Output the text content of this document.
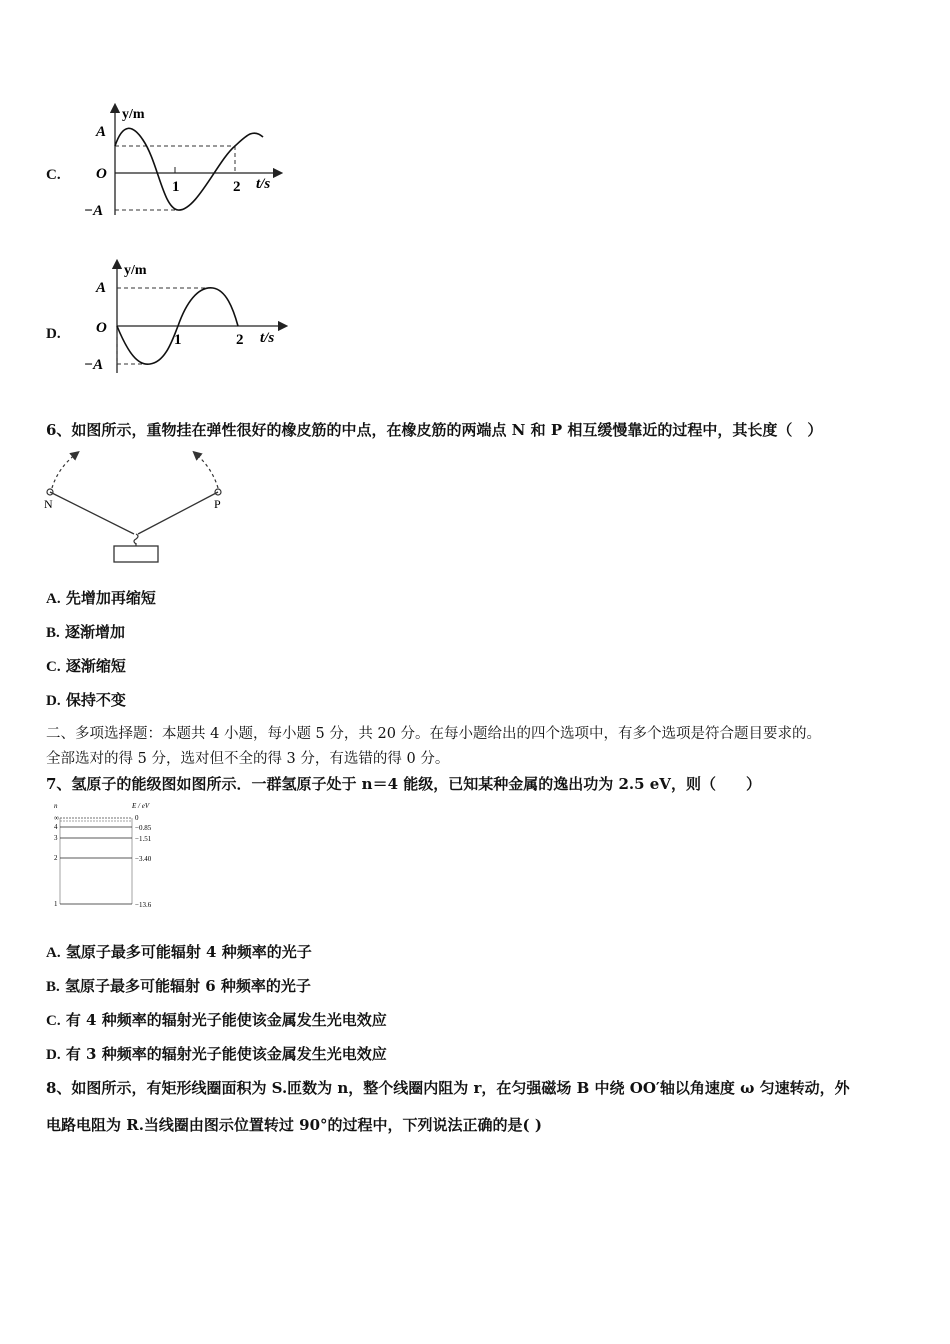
C.
y/m
A
O
−A
1	2 t/s
D.
y/m
A
O
−A
1	2 t/s
6、如图所示，重物挂在弹性很好的橡皮筋的中点，在橡皮筋的两端点 N 和 P 相互缓慢靠近的过程中，其长度（　）
N	P
A. 先增加再缩短
B. 逐渐增加
C. 逐渐缩短
D. 保持不变
二、多项选择题：本题共 4 小题，每小题 5 分，共 20 分。在每小题给出的四个选项中，有多个选项是符合题目要求的。
全部选对的得 5 分，选对但不全的得 3 分，有选错的得 0 分。
7、氢原子的能级图如图所示．一群氢原子处于 n＝4 能级，已知某种金属的逸出功为 2.5 eV，则（　　）
n	E / eV
∞
4
3
2
1
0
−0.85
−1.51
−3.40
−13.6
A. 氢原子最多可能辐射 4 种频率的光子
B. 氢原子最多可能辐射 6 种频率的光子
C. 有 4 种频率的辐射光子能使该金属发生光电效应
D. 有 3 种频率的辐射光子能使该金属发生光电效应
8、如图所示，有矩形线圈面积为 S.匝数为 n，整个线圈内阻为 r，在匀强磁场 B 中绕 OO′轴以角速度 ω 匀速转动，外
电路电阻为 R.当线圈由图示位置转过 90°的过程中，下列说法正确的是( )
